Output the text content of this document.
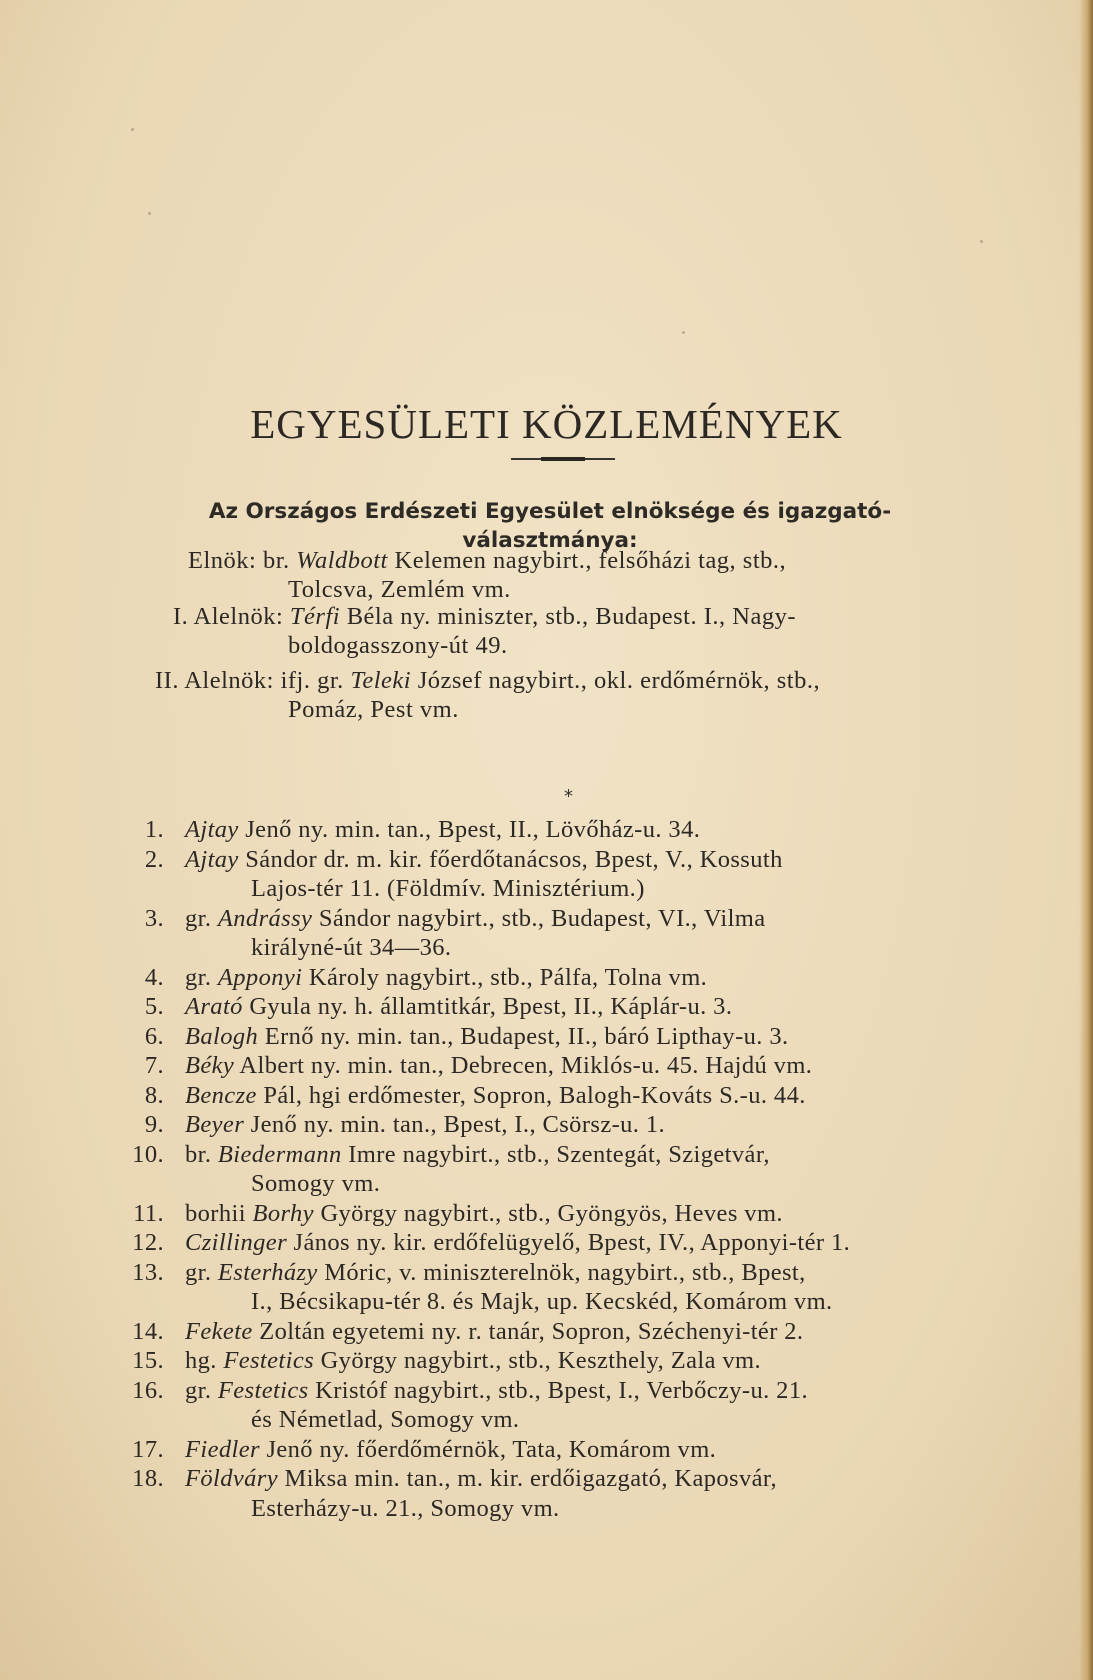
EGYESÜLETI KÖZLEMÉNYEK

Az Országos Erdészeti Egyesület elnöksége és igazgató-választmánya:

Elnök: br. Waldbott Kelemen nagybirt., felsőházi tag, stb.,
Tolcsva, Zemlém vm.
I. Alelnök: Térfi Béla ny. miniszter, stb., Budapest. I., Nagy-
boldogasszony-út 49.
II. Alelnök: ifj. gr. Teleki József nagybirt., okl. erdőmérnök, stb.,
Pomáz, Pest vm.
*
1. Ajtay Jenő ny. min. tan., Bpest, II., Lövőház-u. 34.
2. Ajtay Sándor dr. m. kir. főerdőtanácsos, Bpest, V., Kossuth
Lajos-tér 11. (Földmív. Minisztérium.)
3. gr. Andrássy Sándor nagybirt., stb., Budapest, VI., Vilma
királyné-út 34—36.
4. gr. Apponyi Károly nagybirt., stb., Pálfa, Tolna vm.
5. Arató Gyula ny. h. államtitkár, Bpest, II., Káplár-u. 3.
6. Balogh Ernő ny. min. tan., Budapest, II., báró Lipthay-u. 3.
7. Béky Albert ny. min. tan., Debrecen, Miklós-u. 45. Hajdú vm.
8. Bencze Pál, hgi erdőmester, Sopron, Balogh-Kováts S.-u. 44.
9. Beyer Jenő ny. min. tan., Bpest, I., Csörsz-u. 1.
10. br. Biedermann Imre nagybirt., stb., Szentegát, Szigetvár,
Somogy vm.
11. borhii Borhy György nagybirt., stb., Gyöngyös, Heves vm.
12. Czillinger János ny. kir. erdőfelügyelő, Bpest, IV., Apponyi-tér 1.
13. gr. Esterházy Móric, v. miniszterelnök, nagybirt., stb., Bpest,
I., Bécsikapu-tér 8. és Majk, up. Kecskéd, Komárom vm.
14. Fekete Zoltán egyetemi ny. r. tanár, Sopron, Széchenyi-tér 2.
15. hg. Festetics György nagybirt., stb., Keszthely, Zala vm.
16. gr. Festetics Kristóf nagybirt., stb., Bpest, I., Verbőczy-u. 21.
és Németlad, Somogy vm.
17. Fiedler Jenő ny. főerdőmérnök, Tata, Komárom vm.
18. Földváry Miksa min. tan., m. kir. erdőigazgató, Kaposvár,
Esterházy-u. 21., Somogy vm.
